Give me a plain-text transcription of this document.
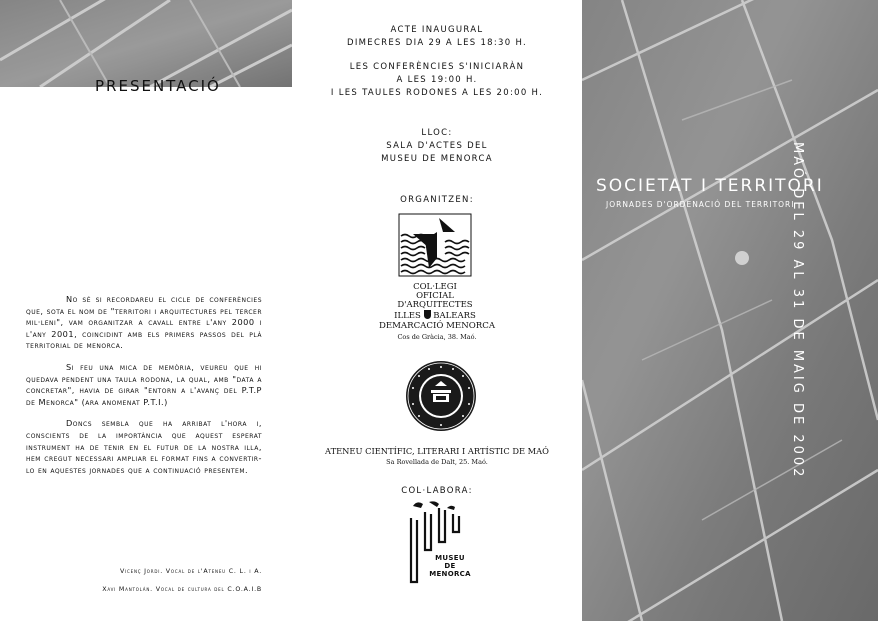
PRESENTACIÓ

No sé si recordareu el cicle de conferències que, sota el nom de "territori i arquitectures pel tercer mil·leni", vam organitzar a cavall entre l'any 2000 i l'any 2001, coincidint amb els primers passos del plà territorial de menorca.

Si feu una mica de memòria, veureu que hi quedava pendent una taula rodona, la qual, amb "data a concretar", havia de girar "entorn a l'avanç del P.T.P de Menorca" (ara anomenat P.T.I.)

Doncs sembla que ha arribat l'hora i, conscients de la importància que aquest esperat instrument ha de tenir en el futur de la nostra illa, hem cregut necessari ampliar el format fins a convertir-lo en aquestes jornades que a continuació presentem.

Vicenç Jordi. Vocal de l'Ateneu C. L. i A.
Xavi Mantolán. Vocal de cultura del C.O.A.I.B
ACTE INAUGURAL
DIMECRES DIA 29 A LES 18:30 H.
LES CONFERÈNCIES S'INICIARÀN
A LES 19:00 H.
I LES TAULES RODONES A LES 20:00 H.
LLOC:
SALA D'ACTES DEL
MUSEU DE MENORCA
ORGANITZEN:
COL·LEGI OFICIAL
D'ARQUITECTES
ILLES BALEARS
DEMARCACIÓ MENORCA
Cos de Gràcia, 38. Maó.
ATENEU CIENTÍFIC, LITERARI I ARTÍSTIC DE MAÓ
Sa Rovellada de Dalt, 25. Maó.
COL·LABORA:
MUSEU
DE
MENORCA
MAÓ DEL 29 AL 31 DE MAIG DE 2002
SOCIETAT I TERRITORI
JORNADES D'ORDENACIÓ DEL TERRITORI
